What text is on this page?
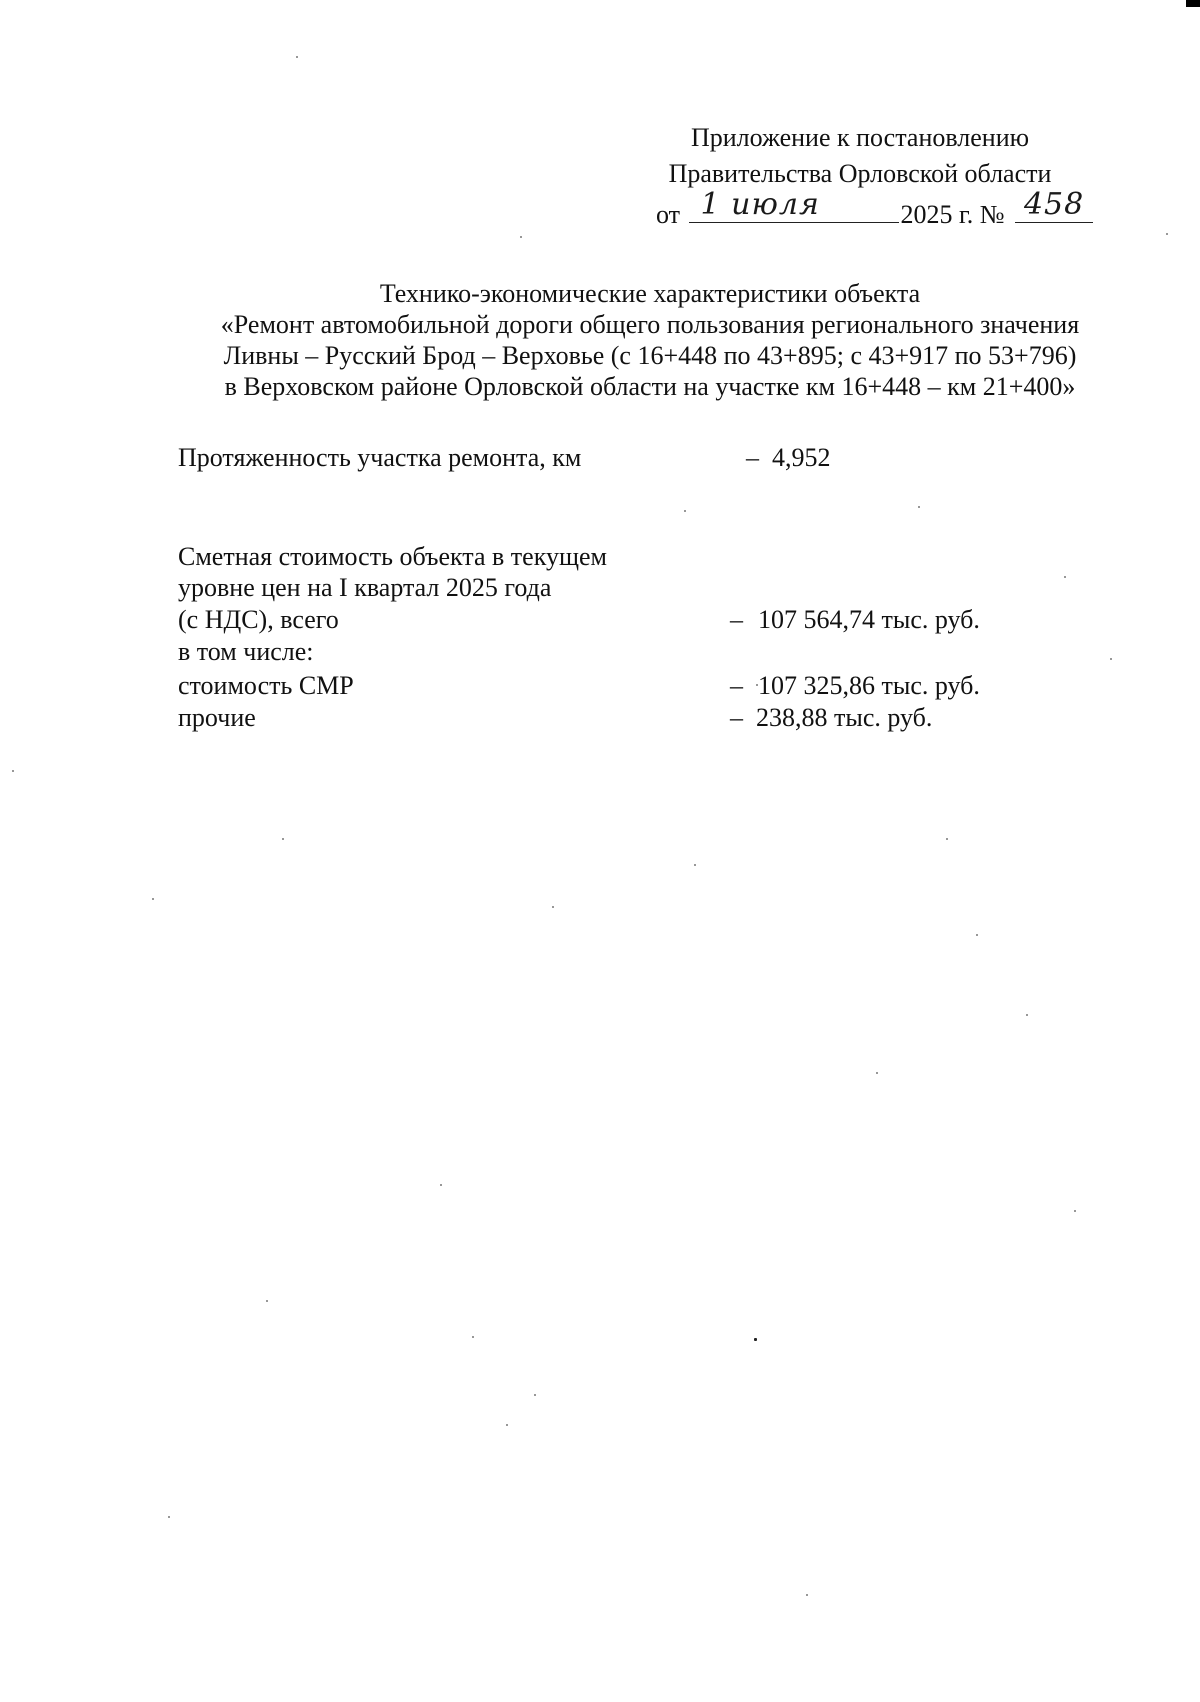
Приложение к постановлению
Правительства Орловской области
от 1 июля	2025 г. № 458
Технико-экономические характеристики объекта
«Ремонт автомобильной дороги общего пользования регионального значения
Ливны – Русский Брод – Верховье (с 16+448 по 43+895; с 43+917 по 53+796)
в Верховском районе Орловской области на участке км 16+448 – км 21+400»
Протяженность участка ремонта, км	– 4,952
Сметная стоимость объекта в текущем
уровне цен на I квартал 2025 года
(с НДС), всего	– 107 564,74 тыс. руб.
в том числе:
стоимость СМР	– 107 325,86 тыс. руб.
прочие	– 238,88 тыс. руб.
